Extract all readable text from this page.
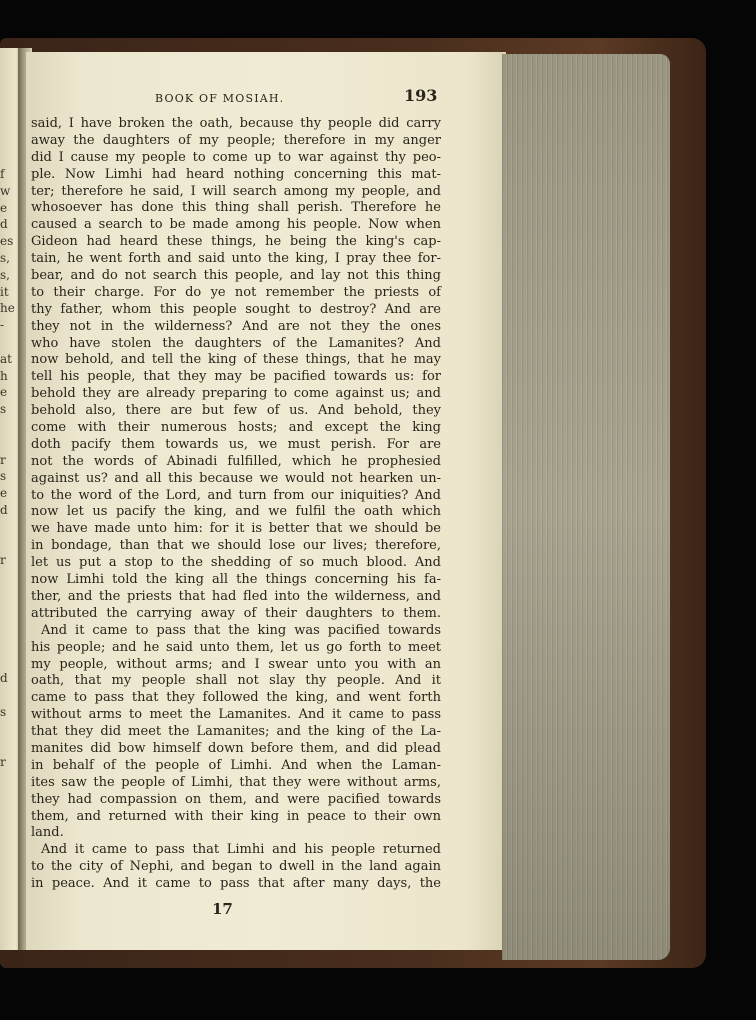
f
w
e
d
es
s,
s,
it
he
-

at
h
e
s

r
s
e
d

r

d

s

r
BOOK OF MOSIAH.	193
said, I have broken the oath, because thy people did carry
away the daughters of my people; therefore in my anger
did I cause my people to come up to war against thy peo-
ple. Now Limhi had heard nothing concerning this mat-
ter; therefore he said, I will search among my people, and
whosoever has done this thing shall perish. Therefore he
caused a search to be made among his people. Now when
Gideon had heard these things, he being the king's cap-
tain, he went forth and said unto the king, I pray thee for-
bear, and do not search this people, and lay not this thing
to their charge. For do ye not remember the priests of
thy father, whom this people sought to destroy? And are
they not in the wilderness? And are not they the ones
who have stolen the daughters of the Lamanites? And
now behold, and tell the king of these things, that he may
tell his people, that they may be pacified towards us: for
behold they are already preparing to come against us; and
behold also, there are but few of us. And behold, they
come with their numerous hosts; and except the king
doth pacify them towards us, we must perish. For are
not the words of Abinadi fulfilled, which he prophesied
against us? and all this because we would not hearken un-
to the word of the Lord, and turn from our iniquities? And
now let us pacify the king, and we fulfil the oath which
we have made unto him: for it is better that we should be
in bondage, than that we should lose our lives; therefore,
let us put a stop to the shedding of so much blood. And
now Limhi told the king all the things concerning his fa-
ther, and the priests that had fled into the wilderness, and
attributed the carrying away of their daughters to them.
And it came to pass that the king was pacified towards
his people; and he said unto them, let us go forth to meet
my people, without arms; and I swear unto you with an
oath, that my people shall not slay thy people. And it
came to pass that they followed the king, and went forth
without arms to meet the Lamanites. And it came to pass
that they did meet the Lamanites; and the king of the La-
manites did bow himself down before them, and did plead
in behalf of the people of Limhi. And when the Laman-
ites saw the people of Limhi, that they were without arms,
they had compassion on them, and were pacified towards
them, and returned with their king in peace to their own
land.
And it came to pass that Limhi and his people returned
to the city of Nephi, and began to dwell in the land again
in peace. And it came to pass that after many days, the
17
